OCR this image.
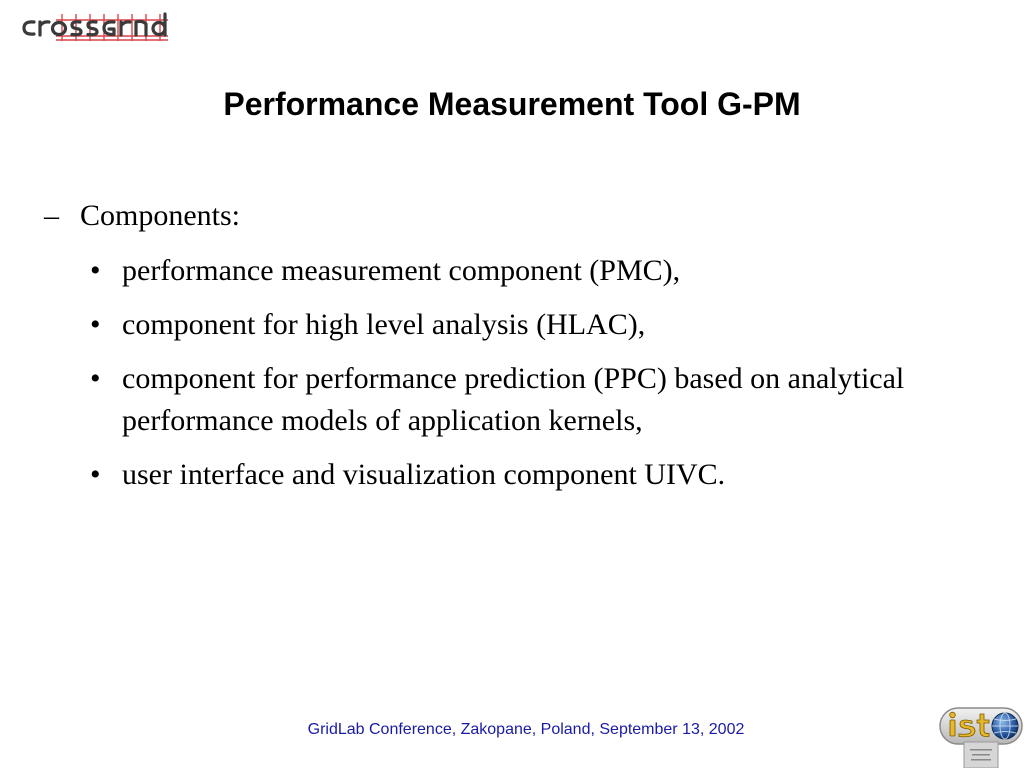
Performance Measurement Tool G-PM
– Components:
• performance measurement component (PMC),
• component for high level analysis (HLAC),
• component for performance prediction (PPC) based on analytical performance models of application kernels,
• user interface and visualization component UIVC.
GridLab Conference, Zakopane, Poland, September 13, 2002
